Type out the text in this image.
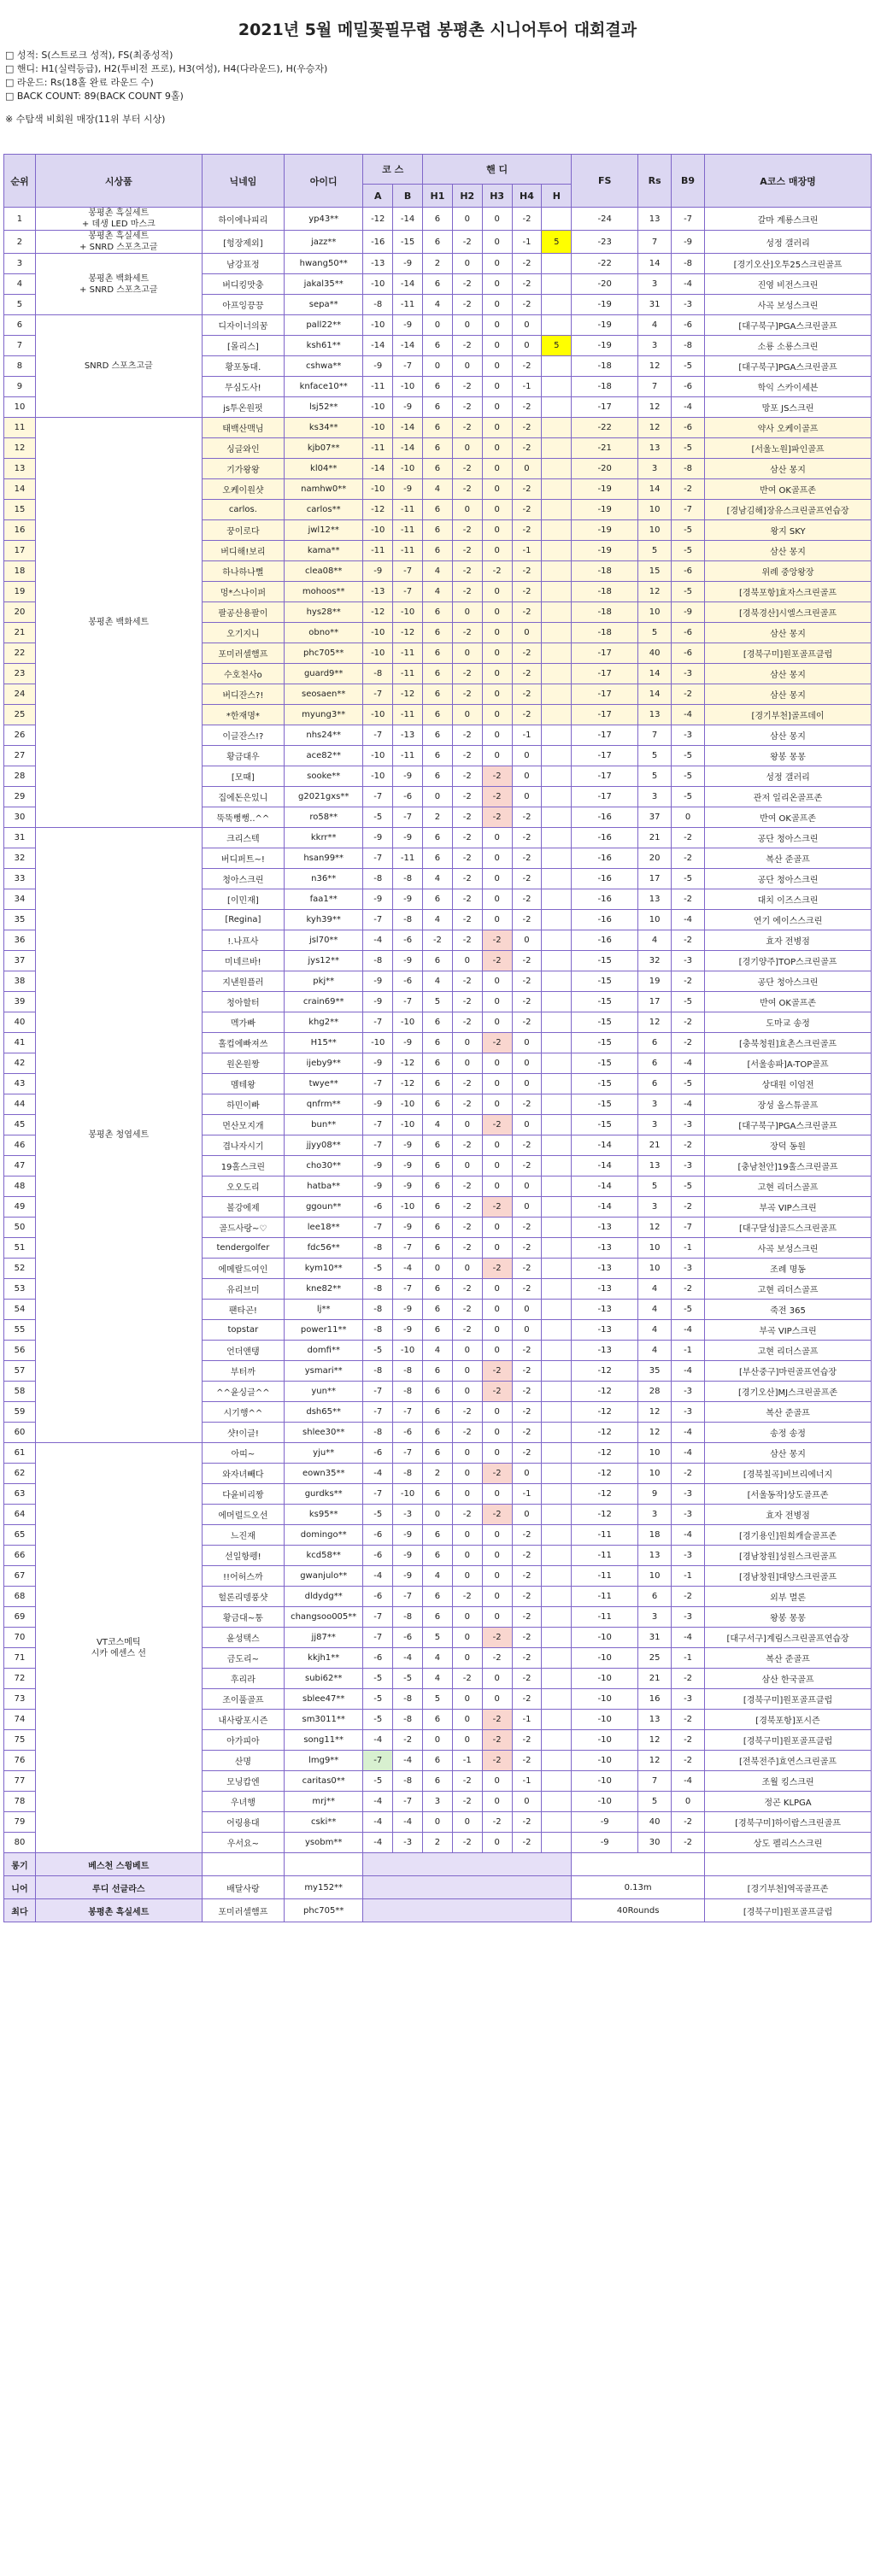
2021년 5월 메밀꽃필무렵 봉평촌 시니어투어 대회결과
□ 성적: S(스트로크 성적), FS(최종성적)
□ 핸디: H1(실력등급), H2(투비전 프로), H3(여성), H4(다라운드), H(우승자)
□ 라운드: Rs(18홀 완료 라운드 수)
□ BACK COUNT: 89(BACK COUNT 9홀)
※ 수탐색 비회원 매장(11위 부터 시상)
순위	시상품	닉네임	아이디	코 스		핸 디					FS	Rs	B9	A코스 매장명
				A	B	H1	H2	H3	H4	H				
1	봉평촌 흑실세트
+ 데생 LED 마스크	하이에나피리	yp43**	-12	-14	6	0	0	-2		-24	13	-7	갈마 계룡스크린
2	봉평촌 흑실세트
+ SNRD 스포츠고글	[헝장제외]	jazz**	-16	-15	6	-2	0	-1	5	-23	7	-9	성정 갤러리
3	봉평촌 백화세트
+ SNRD 스포츠고글	남강표정	hwang50**	-13	-9	2	0	0	-2		-22	14	-8	[경기오산]오투25스크린골프
4		버디킹맛충	jakal35**	-10	-14	6	-2	0	-2		-20	3	-4	진영 비전스크린
5		아프잉끙끙	sepa**	-8	-11	4	-2	0	-2		-19	31	-3	사곡 보성스크린
6	SNRD 스포츠고글	디자이너의꿈	pall22**	-10	-9	0	0	0	0		-19	4	-6	[대구북구]PGA스크린골프
7		[몰리스]	ksh61**	-14	-14	6	-2	0	0	5	-19	3	-8	소룡 소룡스크린
8		황포동대.	cshwa**	-9	-7	0	0	0	-2		-18	12	-5	[대구북구]PGA스크린골프
9		무심도사!	knface10**	-11	-10	6	-2	0	-1		-18	7	-6	학익 스카이세븐
10		js투온원펏	lsj52**	-10	-9	6	-2	0	-2		-17	12	-4	망포 JS스크린
11	봉평촌 백화세트	태백산맥님	ks34**	-10	-14	6	-2	0	-2		-22	12	-6	약사 오케이골프
12		싱글와인	kjb07**	-11	-14	6	0	0	-2		-21	13	-5	[서울노원]파인골프
13		기가왕왕	kl04**	-14	-10	6	-2	0	0		-20	3	-8	삼산 몽지
14		오케이원샷	namhw0**	-10	-9	4	-2	0	-2		-19	14	-2	반여 OK골프존
15		carlos.	carlos**	-12	-11	6	0	0	-2		-19	10	-7	[경남김해]장유스크린골프연습장
16		꿍이로다	jwl12**	-10	-11	6	-2	0	-2		-19	10	-5	왕지 SKY
17		버디해!보리	kama**	-11	-11	6	-2	0	-1		-19	5	-5	삼산 몽지
18		하나하나뻘	clea08**	-9	-7	4	-2	-2	-2		-18	15	-6	위례 중앙왕장
19		멍*스나이퍼	mohoos**	-13	-7	4	-2	0	-2		-18	12	-5	[경북포항]효자스크린골프
20		팔공산용팔이	hys28**	-12	-10	6	0	0	-2		-18	10	-9	[경북경산]시엘스크린골프
21		오기지니	obno**	-10	-12	6	-2	0	0		-18	5	-6	삼산 몽지
22		포미러셀햄프	phc705**	-10	-11	6	0	0	-2		-17	40	-6	[경북구미]원포골프클럽
23		수호천사o	guard9**	-8	-11	6	-2	0	-2		-17	14	-3	삼산 몽지
24		버디잔스?!	seosaen**	-7	-12	6	-2	0	-2		-17	14	-2	삼산 몽지
25		*한재명*	myung3**	-10	-11	6	0	0	-2		-17	13	-4	[경기부천]골프데이
26		이글잔스!?	nhs24**	-7	-13	6	-2	0	-1		-17	7	-3	삼산 몽지
27		황금대우	ace82**	-10	-11	6	-2	0	0		-17	5	-5	왕봉 몽몽
28		[모때]	sooke**	-10	-9	6	-2	-2	0		-17	5	-5	성정 갤러리
29		집에돈은있니	g2021gxs**	-7	-6	0	-2	-2	0		-17	3	-5	관저 일리온골프존
30		뚝뚝뻥뻥..^^	ro58**	-5	-7	2	-2	-2	-2		-16	37	0	반여 OK골프존
31	봉평촌 청엽세트	크리스텍	kkrr**	-9	-9	6	-2	0	-2		-16	21	-2	공단 청아스크린
32		버디퍼트~!	hsan99**	-7	-11	6	-2	0	-2		-16	20	-2	복산 준골프
33		청아스크린	n36**	-8	-8	4	-2	0	-2		-16	17	-5	공단 청아스크린
34		[이민재]	faa1**	-9	-9	6	-2	0	-2		-16	13	-2	대치 이즈스크린
35		[Regina]	kyh39**	-7	-8	4	-2	0	-2		-16	10	-4	연기 에이스스크린
36		!.나프사	jsl70**	-4	-6	-2	-2	-2	0		-16	4	-2	효자 전병점
37		미네르바!	jys12**	-8	-9	6	0	-2	-2		-15	32	-3	[경기양주]TOP스크린골프
38		지낸원플러	pkj**	-9	-6	4	-2	0	-2		-15	19	-2	공단 청아스크린
39		청아할터	crain69**	-9	-7	5	-2	0	-2		-15	17	-5	반여 OK골프존
40		멕가빠	khg2**	-7	-10	6	-2	0	-2		-15	12	-2	도마교 송정
41		홀컵에빠져쓰	H15**	-10	-9	6	0	-2	0		-15	6	-2	[충북청원]효촌스크린골프
42		원온원짱	ijeby9**	-9	-12	6	0	0	0		-15	6	-4	[서울송파]A-TOP골프
43		멤테왕	twye**	-7	-12	6	-2	0	0		-15	6	-5	상대원 이엄전
44		하민이빠	qnfrm**	-9	-10	6	-2	0	-2		-15	3	-4	장성 올스튜골프
45		먼산모지개	bun**	-7	-10	4	0	-2	0		-15	3	-3	[대구북구]PGA스크린골프
46		겹나자시기	jjyy08**	-7	-9	6	-2	0	-2		-14	21	-2	장덕 동원
47		19홀스크린	cho30**	-9	-9	6	0	0	-2		-14	13	-3	[충남천안]19홀스크린골프
48		오오도리	hatba**	-9	-9	6	-2	0	0		-14	5	-5	고현 리더스골프
49		볼강에제	ggoun**	-6	-10	6	-2	-2	0		-14	3	-2	부곡 VIP스크린
50		골드사랑~♡	lee18**	-7	-9	6	-2	0	-2		-13	12	-7	[대구달성]골드스크린골프
51		tendergolfer	fdc56**	-8	-7	6	-2	0	-2		-13	10	-1	사곡 보성스크린
52		에메랄드여인	kym10**	-5	-4	0	0	-2	-2		-13	10	-3	조례 명동
53		유리브미	kne82**	-8	-7	6	-2	0	-2		-13	4	-2	고현 리더스골프
54		팬타곤!	lj**	-8	-9	6	-2	0	0		-13	4	-5	죽전 365
55		topstar	power11**	-8	-9	6	-2	0	0		-13	4	-4	부곡 VIP스크린
56		언더앤탱	domfi**	-5	-10	4	0	0	-2		-13	4	-1	고현 리더스골프
57		부터까	ysmari**	-8	-8	6	0	-2	-2		-12	35	-4	[부산중구]마린골프연습장
58		^^윤싱글^^	yun**	-7	-8	6	0	-2	-2		-12	28	-3	[경기오산]MJ스크린골프존
59		시기행^^	dsh65**	-7	-7	6	-2	0	-2		-12	12	-3	복산 준골프
60		샷!이글!	shlee30**	-8	-6	6	-2	0	-2		-12	12	-4	송정 송정
61	VT코스메틱
시카 에센스 선	아띠~	yju**	-6	-7	6	0	0	-2		-12	10	-4	삼산 몽지
62		와자녀빼다	eown35**	-4	-8	2	0	-2	0		-12	10	-2	[경북칠곡]비브리에너지
63		다윤비리짱	gurdks**	-7	-10	6	0	0	-1		-12	9	-3	[서울동작]상도골프존
64		에머럴드오선	ks95**	-5	-3	0	-2	-2	0		-12	3	-3	효자 전병점
65		느진재	domingo**	-6	-9	6	0	0	-2		-11	18	-4	[경기용인]원희캐슬골프존
66		선일항펭!	kcd58**	-6	-9	6	0	0	-2		-11	13	-3	[경남창원]성원스크린골프
67		!!어허스까	gwanjulo**	-4	-9	4	0	0	-2		-11	10	-1	[경남창원]대양스크린골프
68		헐론리뎅풍샷	dldydg**	-6	-7	6	-2	0	-2		-11	6	-2	외부 멸론
69		황금대~통	changsoo005**	-7	-8	6	0	0	-2		-11	3	-3	왕봉 몽몽
70		윤성택스	jj87**	-7	-6	5	0	-2	-2		-10	31	-4	[대구서구]계림스크린골프연습장
71		금도리~	kkjh1**	-6	-4	4	0	-2	-2		-10	25	-1	복산 준골프
72		후리라	subi62**	-5	-5	4	-2	0	-2		-10	21	-2	삼산 한국골프
73		조이풀골프	sblee47**	-5	-8	5	0	0	-2		-10	16	-3	[경북구미]원포골프클럽
74		내사랑포시즌	sm3011**	-5	-8	6	0	-2	-1		-10	13	-2	[경북포항]포시즌
75		아가피아	song11**	-4	-2	0	0	-2	-2		-10	12	-2	[경북구미]원포골프클럽
76		산명	lmg9**	-7	-4	6	-1	-2	-2		-10	12	-2	[전북전주]효연스크린골프
77		모닝캅엔	caritas0**	-5	-8	6	-2	0	-1		-10	7	-4	조월 킹스크린
78		우녀행	mrj**	-4	-7	3	-2	0	0		-10	5	0	정곤 KLPGA
79		어링용대	cski**	-4	-4	0	0	-2	-2		-9	40	-2	[경북구미]하이랍스크린골프
80		우서요~	ysobm**	-4	-3	2	-2	0	-2		-9	30	-2	상도 펠리스스크린
롱기	베스천 스윙베트													
니어	루디 선글라스	배달사랑	my152**								0.13m			[경기부천]역곡골프존
최다	봉평촌 흑실세트	포미러셀햄프	phc705**								40Rounds			[경북구미]원포골프클럽
